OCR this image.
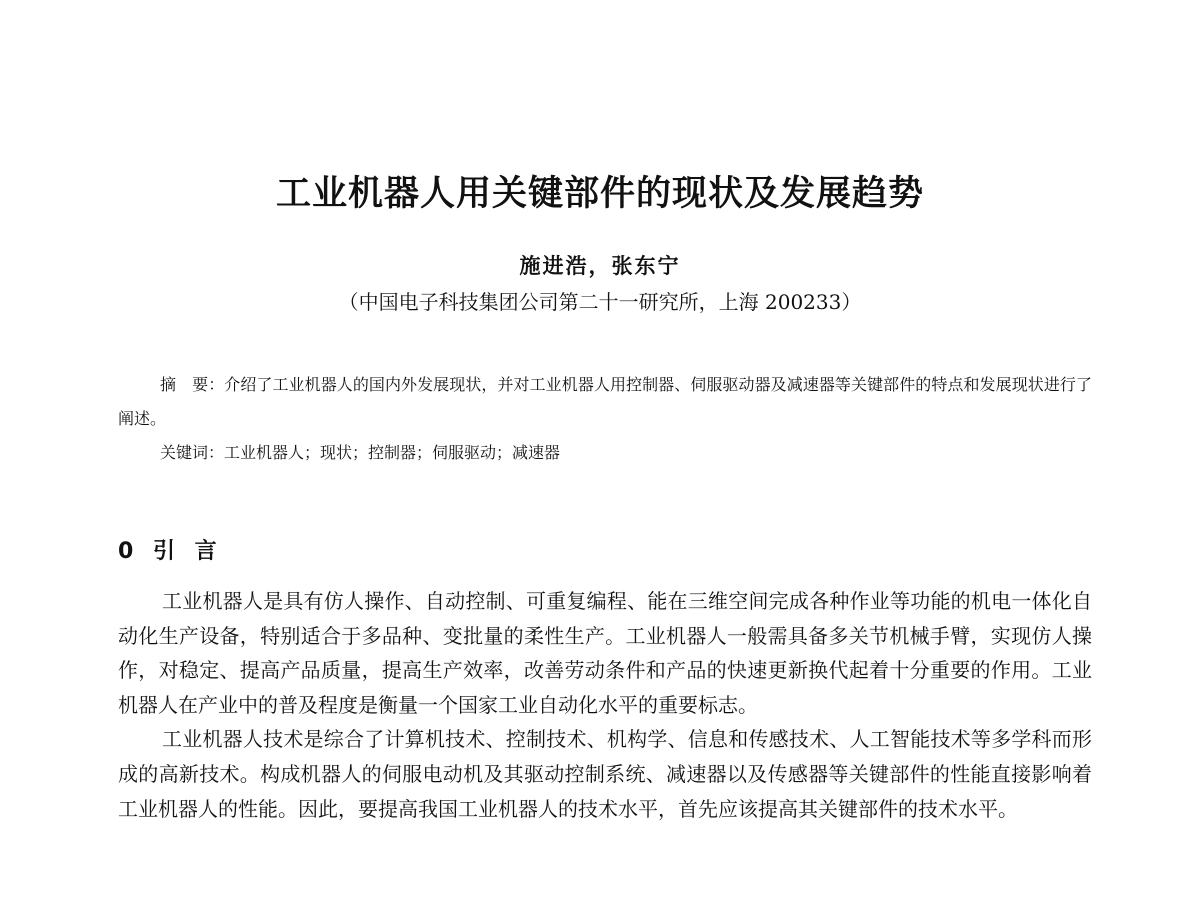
工业机器人用关键部件的现状及发展趋势
施进浩，张东宁
（中国电子科技集团公司第二十一研究所，上海 200233）

摘　要：介绍了工业机器人的国内外发展现状，并对工业机器人用控制器、伺服驱动器及减速器等关键部件的特点和发展现状进行了阐述。

关键词：工业机器人；现状；控制器；伺服驱动；减速器

0 引 言

工业机器人是具有仿人操作、自动控制、可重复编程、能在三维空间完成各种作业等功能的机电一体化自动化生产设备，特别适合于多品种、变批量的柔性生产。工业机器人一般需具备多关节机械手臂，实现仿人操作，对稳定、提高产品质量，提高生产效率，改善劳动条件和产品的快速更新换代起着十分重要的作用。工业机器人在产业中的普及程度是衡量一个国家工业自动化水平的重要标志。

工业机器人技术是综合了计算机技术、控制技术、机构学、信息和传感技术、人工智能技术等多学科而形成的高新技术。构成机器人的伺服电动机及其驱动控制系统、减速器以及传感器等关键部件的性能直接影响着工业机器人的性能。因此，要提高我国工业机器人的技术水平，首先应该提高其关键部件的技术水平。
